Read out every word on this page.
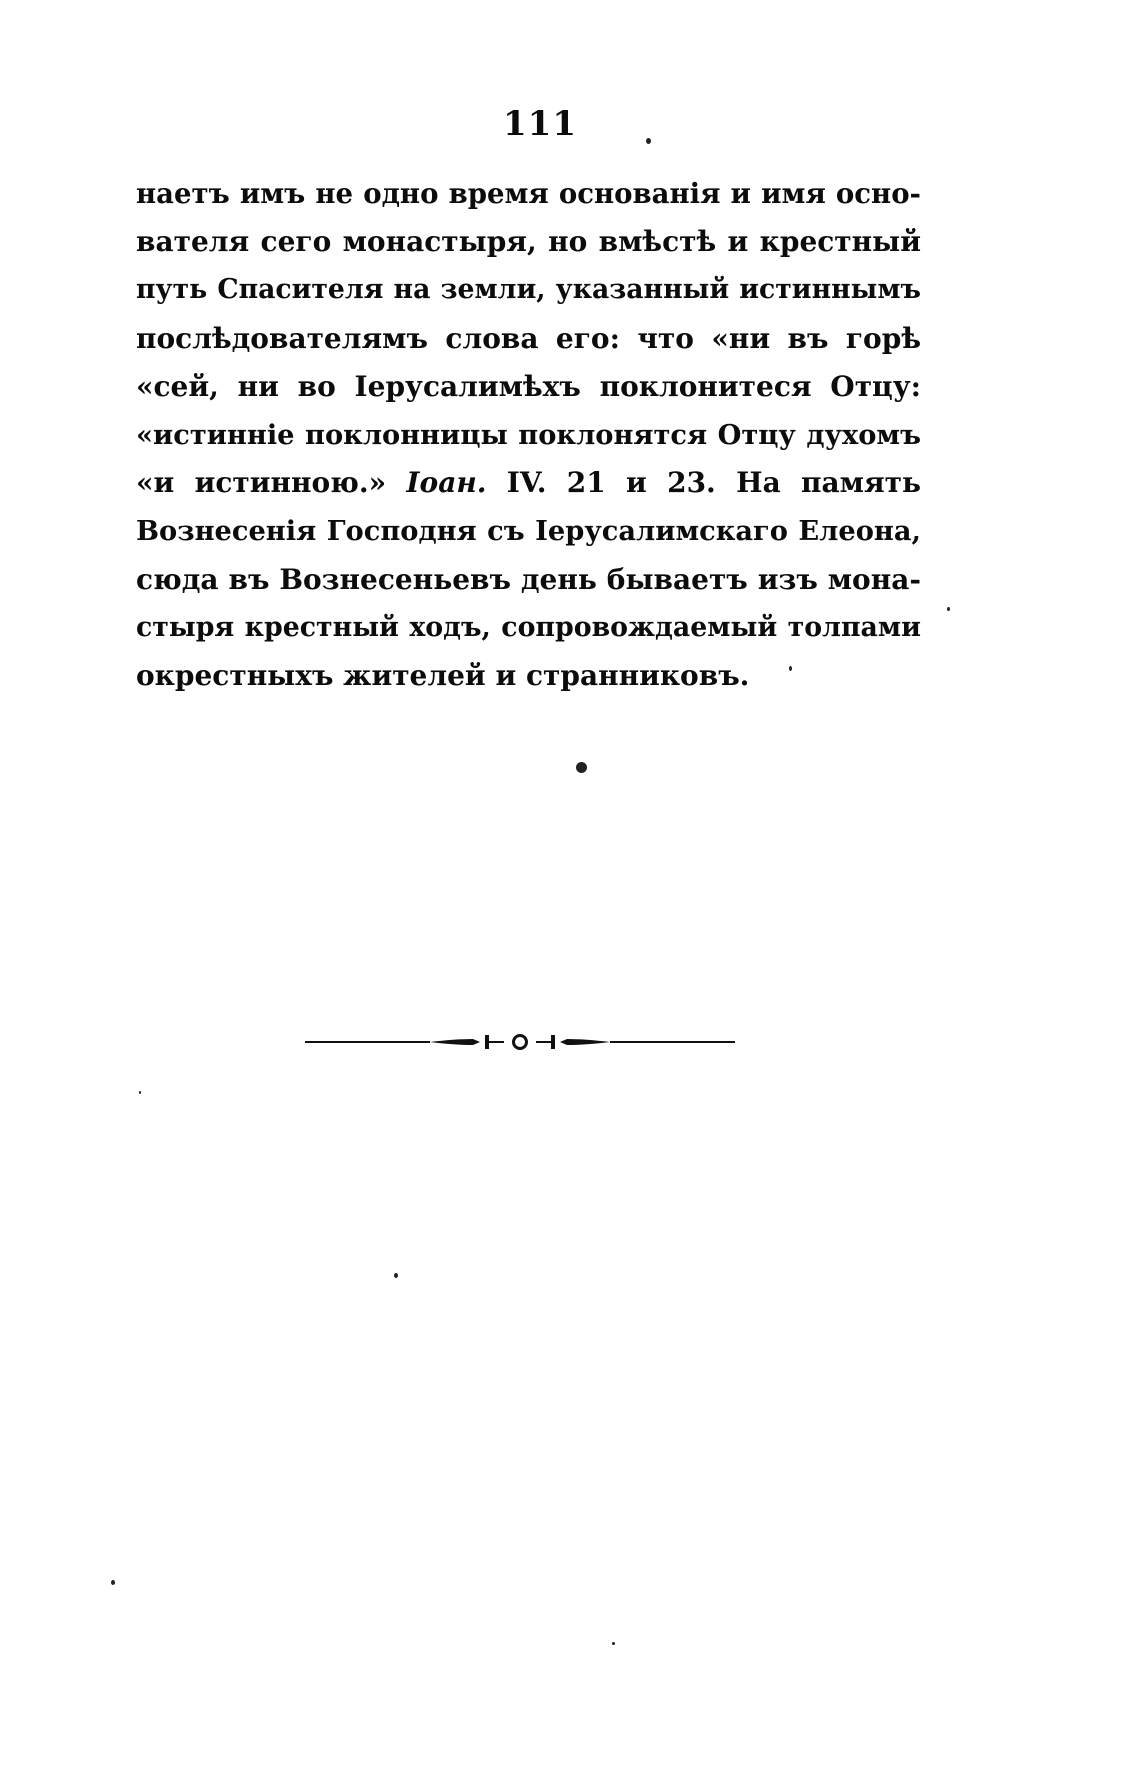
111
наетъ имъ не одно время основанія и имя осно-
вателя сего монастыря, но вмѣстѣ и крестный
путь Спасителя на земли, указанный истиннымъ
послѣдователямъ слова его: что «ни въ горѣ
«сей, ни во Іерусалимѣхъ поклонитеся Отцу:
«истинніе поклонницы поклонятся Отцу духомъ
«и истинною.» Іоан. IV. 21 и 23. На память
Вознесенія Господня съ Іерусалимскаго Елеона,
сюда въ Вознесеньевъ день бываетъ изъ мона-
стыря крестный ходъ, сопровождаемый толпами
окрестныхъ жителей и странниковъ.
